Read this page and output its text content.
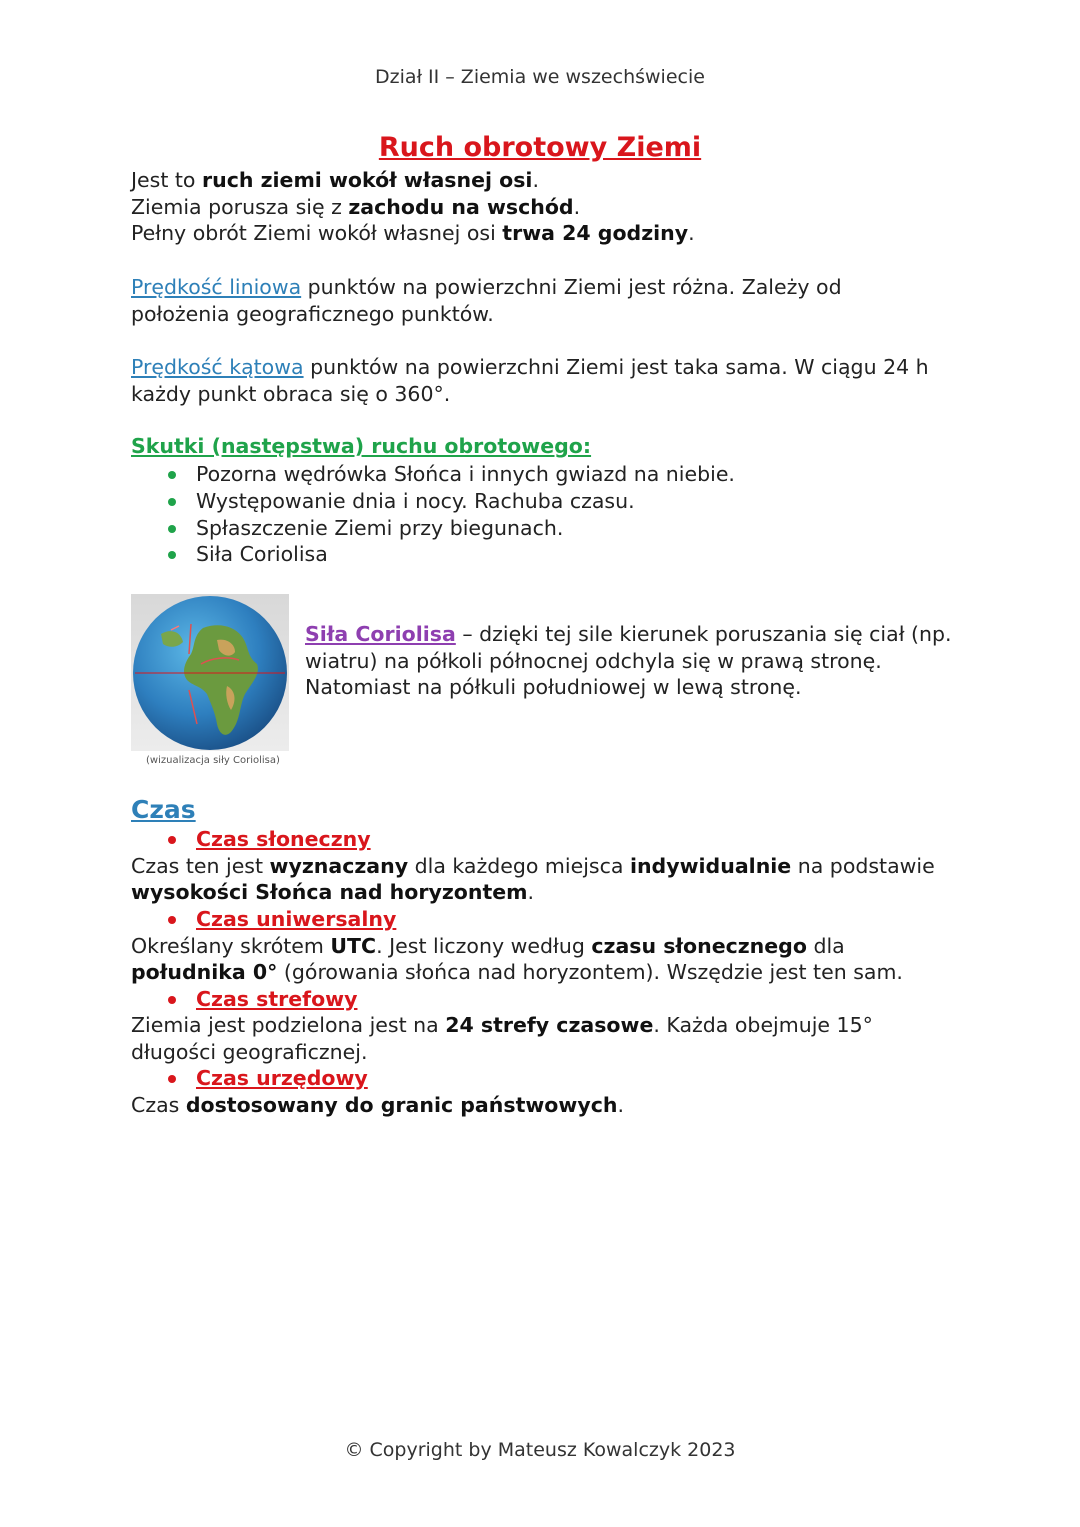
Dział II – Ziemia we wszechświecie
Ruch obrotowy Ziemi
Jest to ruch ziemi wokół własnej osi.
Ziemia porusza się z zachodu na wschód.
Pełny obrót Ziemi wokół własnej osi trwa 24 godziny.
Prędkość liniowa punktów na powierzchni Ziemi jest różna. Zależy od położenia geograficznego punktów.
Prędkość kątowa punktów na powierzchni Ziemi jest taka sama. W ciągu 24 h każdy punkt obraca się o 360°.
Skutki (następstwa) ruchu obrotowego:
Pozorna wędrówka Słońca i innych gwiazd na niebie.
Występowanie dnia i nocy. Rachuba czasu.
Spłaszczenie Ziemi przy biegunach.
Siła Coriolisa
(wizualizacja siły Coriolisa)
Siła Coriolisa – dzięki tej sile kierunek poruszania się ciał (np. wiatru) na półkoli północnej odchyla się w prawą stronę. Natomiast na półkuli południowej w lewą stronę.
Czas
Czas słoneczny
Czas ten jest wyznaczany dla każdego miejsca indywidualnie na podstawie wysokości Słońca nad horyzontem.
Czas uniwersalny
Określany skrótem UTC. Jest liczony według czasu słonecznego dla południka 0° (górowania słońca nad horyzontem). Wszędzie jest ten sam.
Czas strefowy
Ziemia jest podzielona jest na 24 strefy czasowe. Każda obejmuje 15° długości geograficznej.
Czas urzędowy
Czas dostosowany do granic państwowych.
© Copyright by Mateusz Kowalczyk 2023
